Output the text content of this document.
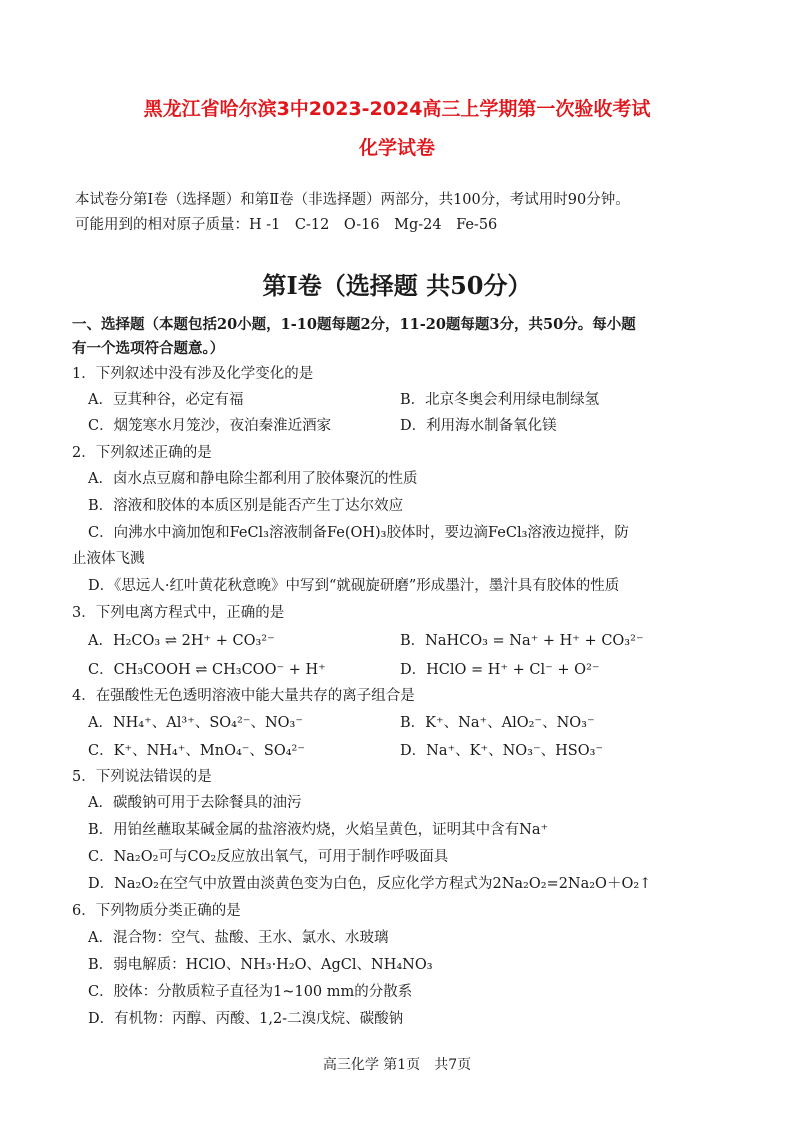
黑龙江省哈尔滨3中2023-2024高三上学期第一次验收考试
化学试卷
本试卷分第Ⅰ卷（选择题）和第Ⅱ卷（非选择题）两部分，共100分，考试用时90分钟。
可能用到的相对原子质量：H -1　C-12　O-16　Mg-24　Fe-56
第Ⅰ卷（选择题 共50分）
一、选择题（本题包括20小题，1-10题每题2分，11-20题每题3分，共50分。每小题
有一个选项符合题意。）
1．下列叙述中没有涉及化学变化的是
A．豆萁种谷，必定有福	B．北京冬奥会利用绿电制绿氢
C．烟笼寒水月笼沙，夜泊秦淮近酒家	D．利用海水制备氧化镁
2．下列叙述正确的是
A．卤水点豆腐和静电除尘都利用了胶体聚沉的性质
B．溶液和胶体的本质区别是能否产生丁达尔效应
C．向沸水中滴加饱和FeCl₃溶液制备Fe(OH)₃胶体时，要边滴FeCl₃溶液边搅拌，防
止液体飞溅
D．《思远人·红叶黄花秋意晚》中写到“就砚旋研磨”形成墨汁，墨汁具有胶体的性质
3．下列电离方程式中，正确的是
A．H₂CO₃ ⇌ 2H⁺ + CO₃²⁻	B．NaHCO₃ = Na⁺ + H⁺ + CO₃²⁻
C．CH₃COOH ⇌ CH₃COO⁻ + H⁺	D．HClO = H⁺ + Cl⁻ + O²⁻
4．在强酸性无色透明溶液中能大量共存的离子组合是
A．NH₄⁺、Al³⁺、SO₄²⁻、NO₃⁻	B．K⁺、Na⁺、AlO₂⁻、NO₃⁻
C．K⁺、NH₄⁺、MnO₄⁻、SO₄²⁻	D．Na⁺、K⁺、NO₃⁻、HSO₃⁻
5．下列说法错误的是
A．碳酸钠可用于去除餐具的油污
B．用铂丝蘸取某碱金属的盐溶液灼烧，火焰呈黄色，证明其中含有Na⁺
C．Na₂O₂可与CO₂反应放出氧气，可用于制作呼吸面具
D．Na₂O₂在空气中放置由淡黄色变为白色，反应化学方程式为2Na₂O₂=2Na₂O＋O₂↑
6．下列物质分类正确的是
A．混合物：空气、盐酸、王水、氯水、水玻璃
B．弱电解质：HClO、NH₃·H₂O、AgCl、NH₄NO₃
C．胶体：分散质粒子直径为1~100 mm的分散系
D．有机物：丙醇、丙酸、1,2-二溴戊烷、碳酸钠
高三化学 第1页　共7页
